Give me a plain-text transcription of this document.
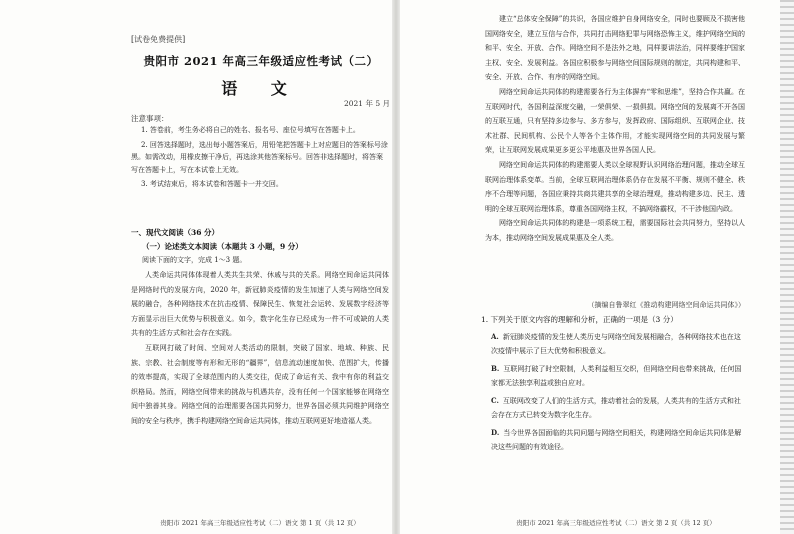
[试卷免费提供]
贵阳市 2021 年高三年级适应性考试（二）
语 文
2021 年 5 月
注意事项：
1. 答卷前，考生务必将自己的姓名、报名号、座位号填写在答题卡上。
2. 回答选择题时，选出每小题答案后，用铅笔把答题卡上对应题目的答案标号涂黑。如需改动，用橡皮擦干净后，再选涂其他答案标号。回答非选择题时，将答案写在答题卡上，写在本试卷上无效。
3. 考试结束后，将本试卷和答题卡一并交回。
一、现代文阅读（36 分）
（一）论述类文本阅读（本题共 3 小题，9 分）
阅读下面的文字，完成 1～3 题。

人类命运共同体体现着人类共生共荣、休戚与共的关系。网络空间命运共同体是网络时代的发展方向，2020 年，新冠肺炎疫情的发生加速了人类与网络空间发展的融合，各种网络技术在抗击疫情、保障民生、恢复社会运转、发展数字经济等方面显示出巨大优势与积极意义。如今，数字化生存已经成为一件不可或缺的人类共有的生活方式和社会存在实践。

互联网打破了时间、空间对人类活动的限制，突破了国家、地域、种族、民族、宗教、社会制度等有形和无形的“疆界”，信息流动速度加快、范围扩大，传播的效率提高，实现了全球范围内的人类交往，促成了命运有关、我中有你的利益交织格局。然而，网络空间带来的挑战与机遇共存，没有任何一个国家能够在网络空间中独善其身。网络空间的治理需要各国共同努力，世界各国必须共同维护网络空间的安全与秩序，携手构建网络空间命运共同体，推动互联网更好地造福人类。

贵阳市 2021 年高三年级适应性考试（二）语文 第 1 页（共 12 页）

建立“总体安全保障”的共识，各国应维护自身网络安全，同时也要顾及不损害他国网络安全，建立互信与合作，共同打击网络犯罪与网络恐怖主义，维护网络空间的和平、安全、开放、合作。网络空间不是法外之地，同样要讲法治，同样要维护国家主权、安全、发展利益。各国应积极参与网络空间国际规则的制定，共同构建和平、安全、开放、合作、有序的网络空间。

网络空间命运共同体的构建需要各行为主体摒弃“零和思维”，坚持合作共赢。在互联网时代，各国利益深度交融，一荣俱荣、一损俱损。网络空间的发展离不开各国的互联互通，只有坚持多边参与、多方参与，发挥政府、国际组织、互联网企业、技术社群、民间机构、公民个人等各个主体作用，才能实现网络空间的共同发展与繁荣，让互联网发展成果更多更公平地惠及世界各国人民。

网络空间命运共同体的构建需要人类以全球视野认识网络治理问题，推动全球互联网治理体系变革。当前，全球互联网治理体系仍存在发展不平衡、规则不健全、秩序不合理等问题，各国应秉持共商共建共享的全球治理观，推动构建多边、民主、透明的全球互联网治理体系，尊重各国网络主权，不搞网络霸权，不干涉他国内政。

网络空间命运共同体的构建是一项系统工程，需要国际社会共同努力，坚持以人为本，推动网络空间发展成果惠及全人类。

（摘编自鲁翠红《推动构建网络空间命运共同体》）
1. 下列关于原文内容的理解和分析，正确的一项是（3 分）
A. 新冠肺炎疫情的发生使人类历史与网络空间发展相融合，各种网络技术也在这次疫情中展示了巨大优势和积极意义。
B. 互联网打破了时空限制，人类利益相互交织，但网络空间也带来挑战，任何国家都无法独享利益或独自应对。
C. 互联网改变了人们的生活方式，推动着社会的发展，人类共有的生活方式和社会存在方式已转变为数字化生存。
D. 当今世界各国面临的共同问题与网络空间相关，构建网络空间命运共同体是解决这些问题的有效途径。
贵阳市 2021 年高三年级适应性考试（二）语文 第 2 页（共 12 页）
